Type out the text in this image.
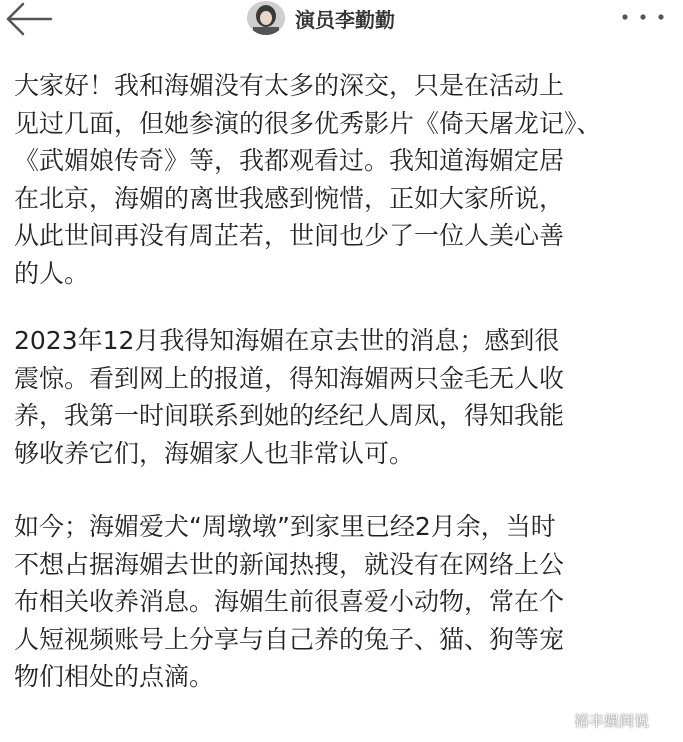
演员李勤勤

大家好！我和海媚没有太多的深交，只是在活动上

见过几面，但她参演的很多优秀影片《倚天屠龙记》、

《武媚娘传奇》等，我都观看过。我知道海媚定居

在北京，海媚的离世我感到惋惜，正如大家所说，

从此世间再没有周芷若，世间也少了一位人美心善

的人。

2023年12月我得知海媚在京去世的消息；感到很

震惊。看到网上的报道，得知海媚两只金毛无人收

养，我第一时间联系到她的经纪人周凤，得知我能

够收养它们，海媚家人也非常认可。

如今；海媚爱犬“周墩墩”到家里已经2月余，当时

不想占据海媚去世的新闻热搜，就没有在网络上公

布相关收养消息。海媚生前很喜爱小动物，常在个

人短视频账号上分享与自己养的兔子、猫、狗等宠

物们相处的点滴。

裕丰娱间说
